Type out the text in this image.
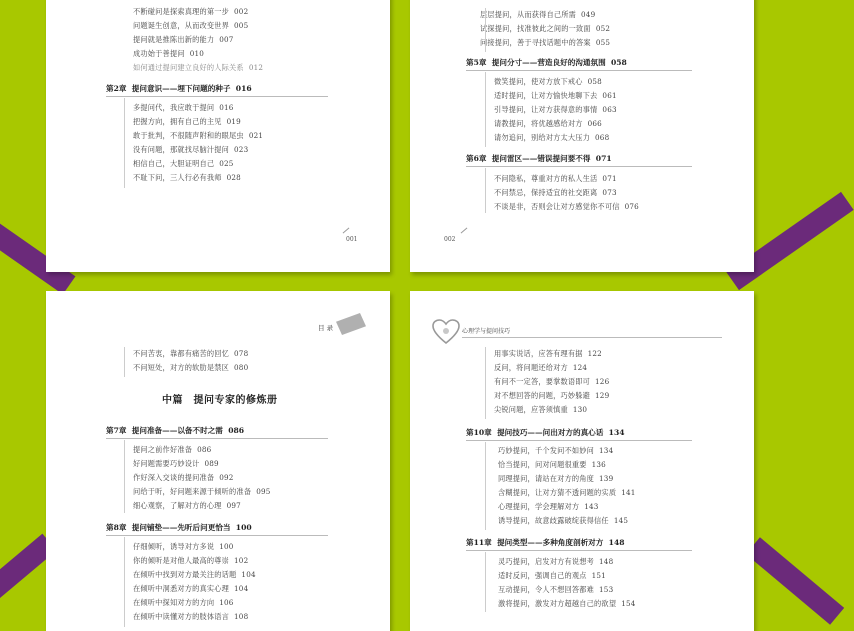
不断碰问是探索真理的第一步 002
问题诞生创意，从而改变世界 005
提问就是推陈出新的能力 007
成功始于善提问 010
如何通过提问建立良好的人际关系 012
第2章 提问意识——埋下问题的种子 016
多提问代，我应敢于提问 016
把握方向，拥有自己的主见 019
敢于批判，不很随声附和的眼尾虫 021
没有问题，那就找尽脑汁提问 023
相信自己，大胆证明自己 025
不耻下问，三人行必有我师 028
001
层层提问，从而获得自己所需 049
试探提问，找准彼此之间的一致面 052
问接提问，善于寻找话题中的答案 055
第5章 提问分寸——营造良好的沟通氛围 058
微笑提问，使对方放下戒心 058
适时提问，让对方愉快地聊下去 061
引导提问，让对方获得意的事情 063
请教提问，将优越感给对方 066
请勿追问，别给对方太大压力 068
第6章 提问雷区——错误提问要不得 071
不问隐私，尊重对方的私人生活 071
不问禁忌，保持适宜的社交距离 073
不谈是非，否则会让对方感觉你不可信 076
002
目 录
不问苦衷，靠都有痛苦的回忆 078
不问短处，对方的软肋是禁区 080
中篇　提问专家的修炼册
第7章 提问准备——以备不时之需 086
提问之前作好准备 086
好问题需要巧妙设计 089
作好深入交谈的提问准备 092
问给于听，好问题来源于倾听的准备 095
细心观察，了解对方的心理 097
第8章 提问铺垫——先听后问更恰当 100
仔细倾听，诱导对方多说 100
你的倾听是对他人最高的尊崇 102
在倾听中找到对方最关注的话题 104
在倾听中洞悉对方的真实心理 104
在倾听中探知对方的方向 106
在倾听中读懂对方的肢体语言 108
心理学与提问技巧
用事实说话，应答有理有据 122
反问，将问题还给对方 124
有问不一定答，要掌数语即可 126
对不想回答的问题，巧妙躲避 129
尖锐问题，应答须慎重 130
第10章 提问技巧——问出对方的真心话 134
巧妙提问，千个发问不如妙问 134
恰当提问，问对问题很重要 136
同理提问，请站在对方的角度 139
含糊提问，让对方猜不透问题的实质 141
心理提问，学会理解对方 143
诱导提问，故意歧露破绽获得信任 145
第11章 提问类型——多种角度剖析对方 148
灵巧提问，启发对方有说想考 148
适时反问，强调自己的观点 151
互动提问，令人不想回答都难 153
激将提问，激发对方超越自己的欲望 154
